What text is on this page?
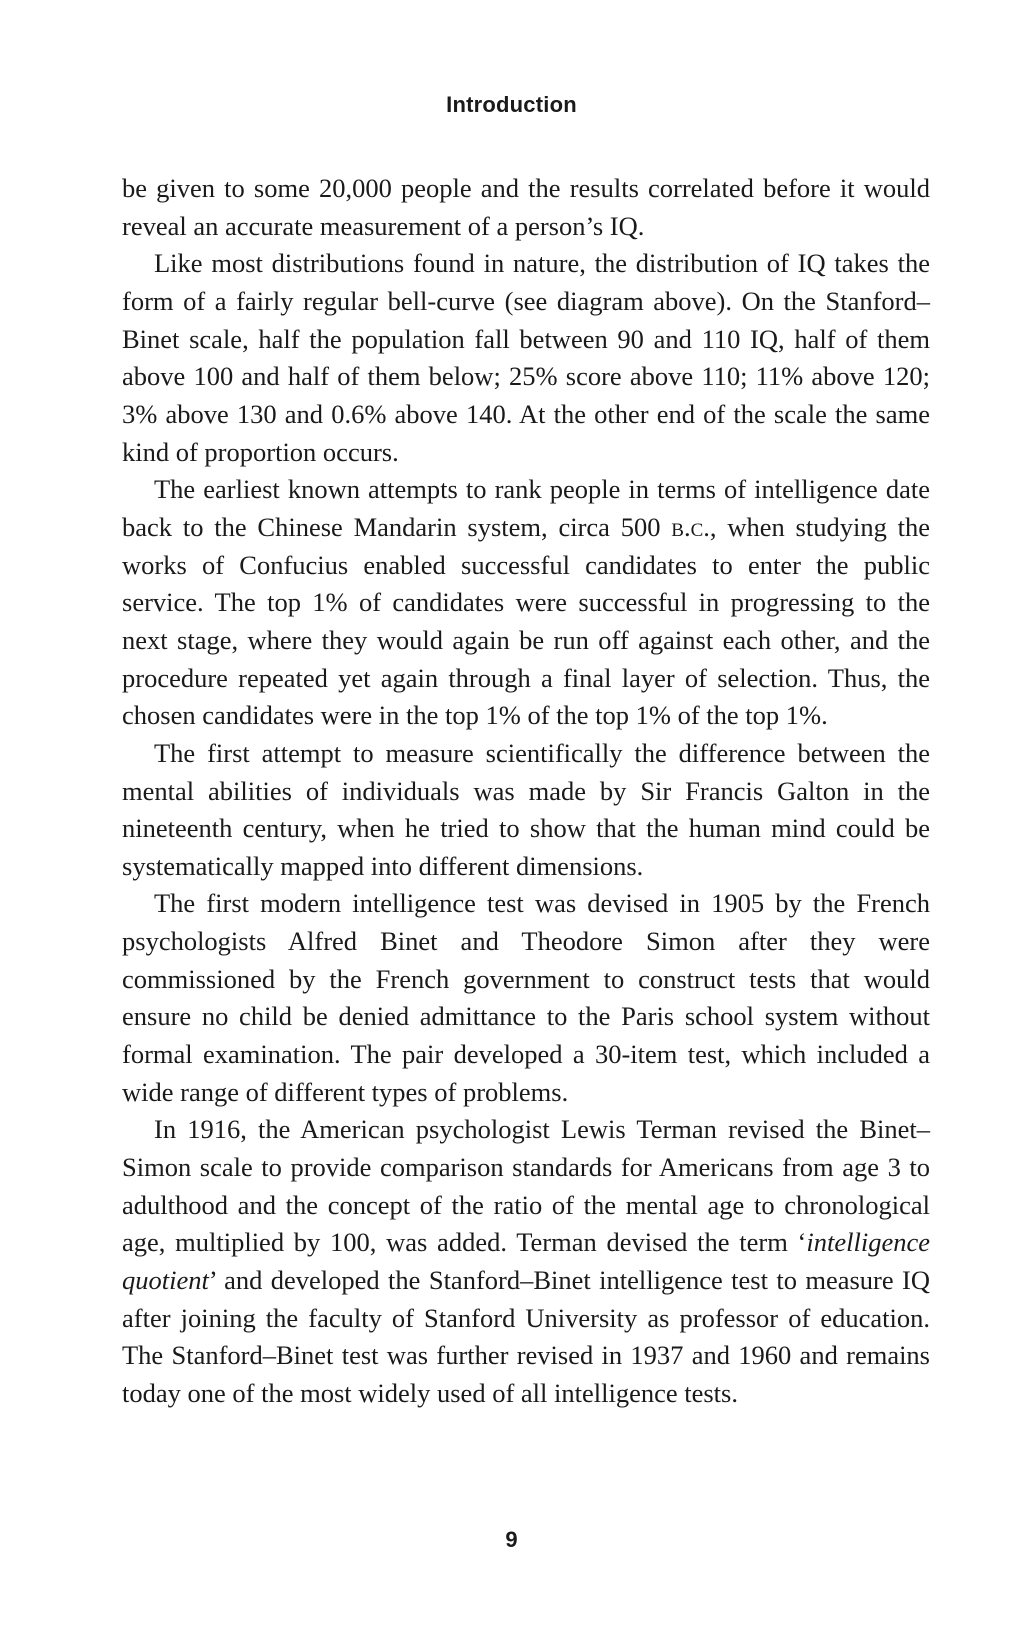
Introduction

be given to some 20,000 people and the results correlated before it would reveal an accurate measurement of a person’s IQ.

Like most distributions found in nature, the distribution of IQ takes the form of a fairly regular bell-curve (see diagram above). On the Stanford–Binet scale, half the population fall between 90 and 110 IQ, half of them above 100 and half of them below; 25% score above 110; 11% above 120; 3% above 130 and 0.6% above 140. At the other end of the scale the same kind of proportion occurs.

The earliest known attempts to rank people in terms of intelligence date back to the Chinese Mandarin system, circa 500 b.c., when studying the works of Confucius enabled successful candidates to enter the public service. The top 1% of candidates were successful in progressing to the next stage, where they would again be run off against each other, and the procedure repeated yet again through a final layer of selection. Thus, the chosen candidates were in the top 1% of the top 1% of the top 1%.

The first attempt to measure scientifically the difference between the mental abilities of individuals was made by Sir Francis Galton in the nineteenth century, when he tried to show that the human mind could be systematically mapped into different dimensions.

The first modern intelligence test was devised in 1905 by the French psychologists Alfred Binet and Theodore Simon after they were commissioned by the French government to construct tests that would ensure no child be denied admittance to the Paris school system without formal examination. The pair developed a 30-item test, which included a wide range of different types of problems.

In 1916, the American psychologist Lewis Terman revised the Binet–Simon scale to provide comparison standards for Americans from age 3 to adulthood and the concept of the ratio of the mental age to chronological age, multiplied by 100, was added. Terman devised the term ‘intelligence quotient’ and developed the Stanford–Binet intelligence test to measure IQ after joining the faculty of Stanford University as professor of education. The Stanford–Binet test was further revised in 1937 and 1960 and remains today one of the most widely used of all intelligence tests.

9
